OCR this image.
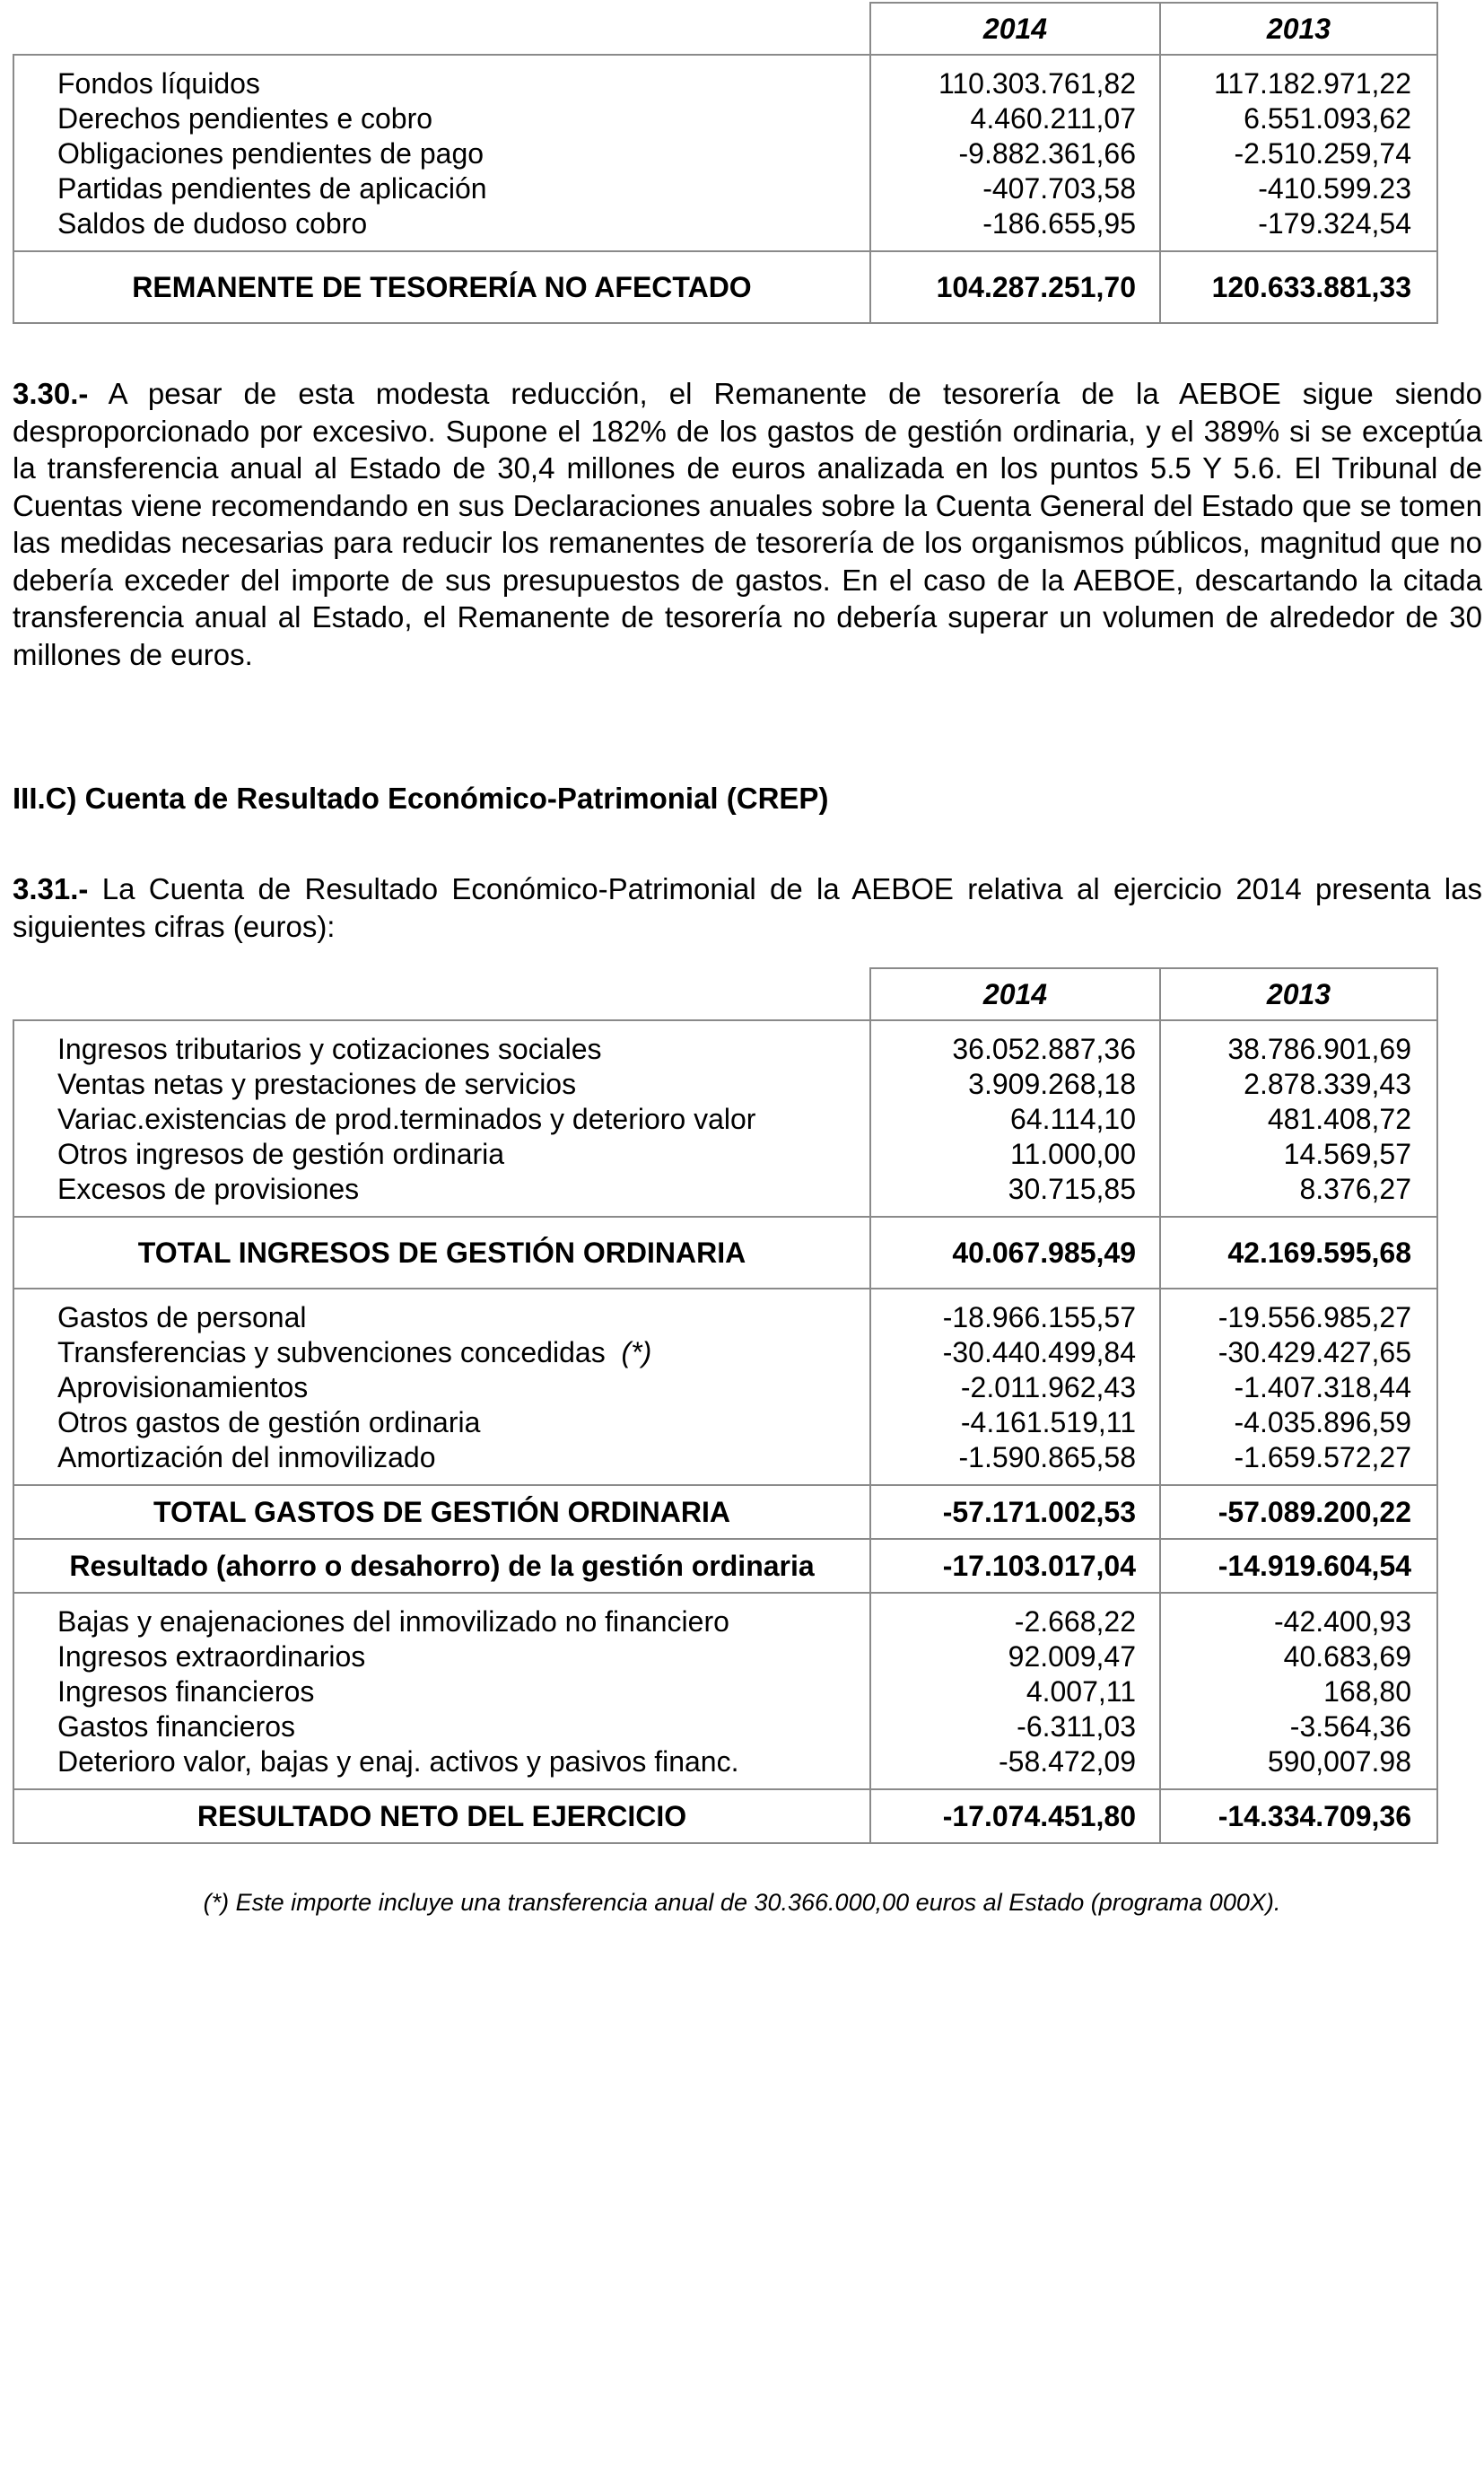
	2014	2013
Fondos líquidos	110.303.761,82	117.182.971,22
Derechos pendientes e cobro	4.460.211,07	6.551.093,62
Obligaciones pendientes de pago	-9.882.361,66	-2.510.259,74
Partidas pendientes de aplicación	-407.703,58	-410.599.23
Saldos de dudoso cobro	-186.655,95	-179.324,54
REMANENTE DE TESORERÍA NO AFECTADO	104.287.251,70	120.633.881,33
3.30.- A pesar de esta modesta reducción, el Remanente de tesorería de la AEBOE sigue siendo desproporcionado por excesivo. Supone el 182% de los gastos de gestión ordinaria, y el 389% si se exceptúa la transferencia anual al Estado de 30,4 millones de euros analizada en los puntos 5.5 Y 5.6. El Tribunal de Cuentas viene recomendando en sus Declaraciones anuales sobre la Cuenta General del Estado que se tomen las medidas necesarias para reducir los remanentes de tesorería de los organismos públicos, magnitud que no debería exceder del importe de sus presupuestos de gastos. En el caso de la AEBOE, descartando la citada transferencia anual al Estado, el Remanente de tesorería no debería superar un volumen de alrededor de 30 millones de euros.
III.C) Cuenta de Resultado Económico-Patrimonial (CREP)
3.31.- La Cuenta de Resultado Económico-Patrimonial de la AEBOE relativa al ejercicio 2014 presenta las siguientes cifras (euros):
	2014	2013
Ingresos tributarios y cotizaciones sociales	36.052.887,36	38.786.901,69
Ventas netas y prestaciones de servicios	3.909.268,18	2.878.339,43
Variac.existencias de prod.terminados y deterioro valor	64.114,10	481.408,72
Otros ingresos de gestión ordinaria	11.000,00	14.569,57
Excesos de provisiones	30.715,85	8.376,27
TOTAL INGRESOS DE GESTIÓN ORDINARIA	40.067.985,49	42.169.595,68
Gastos de personal	-18.966.155,57	-19.556.985,27
Transferencias y subvenciones concedidas (*)	-30.440.499,84	-30.429.427,65
Aprovisionamientos	-2.011.962,43	-1.407.318,44
Otros gastos de gestión ordinaria	-4.161.519,11	-4.035.896,59
Amortización del inmovilizado	-1.590.865,58	-1.659.572,27
TOTAL GASTOS DE GESTIÓN ORDINARIA	-57.171.002,53	-57.089.200,22
Resultado (ahorro o desahorro) de la gestión ordinaria	-17.103.017,04	-14.919.604,54
Bajas y enajenaciones del inmovilizado no financiero	-2.668,22	-42.400,93
Ingresos extraordinarios	92.009,47	40.683,69
Ingresos financieros	4.007,11	168,80
Gastos financieros	-6.311,03	-3.564,36
Deterioro valor, bajas y enaj. activos y pasivos financ.	-58.472,09	590,007.98
RESULTADO NETO DEL EJERCICIO	-17.074.451,80	-14.334.709,36
(*) Este importe incluye una transferencia anual de 30.366.000,00 euros al Estado (programa 000X).
